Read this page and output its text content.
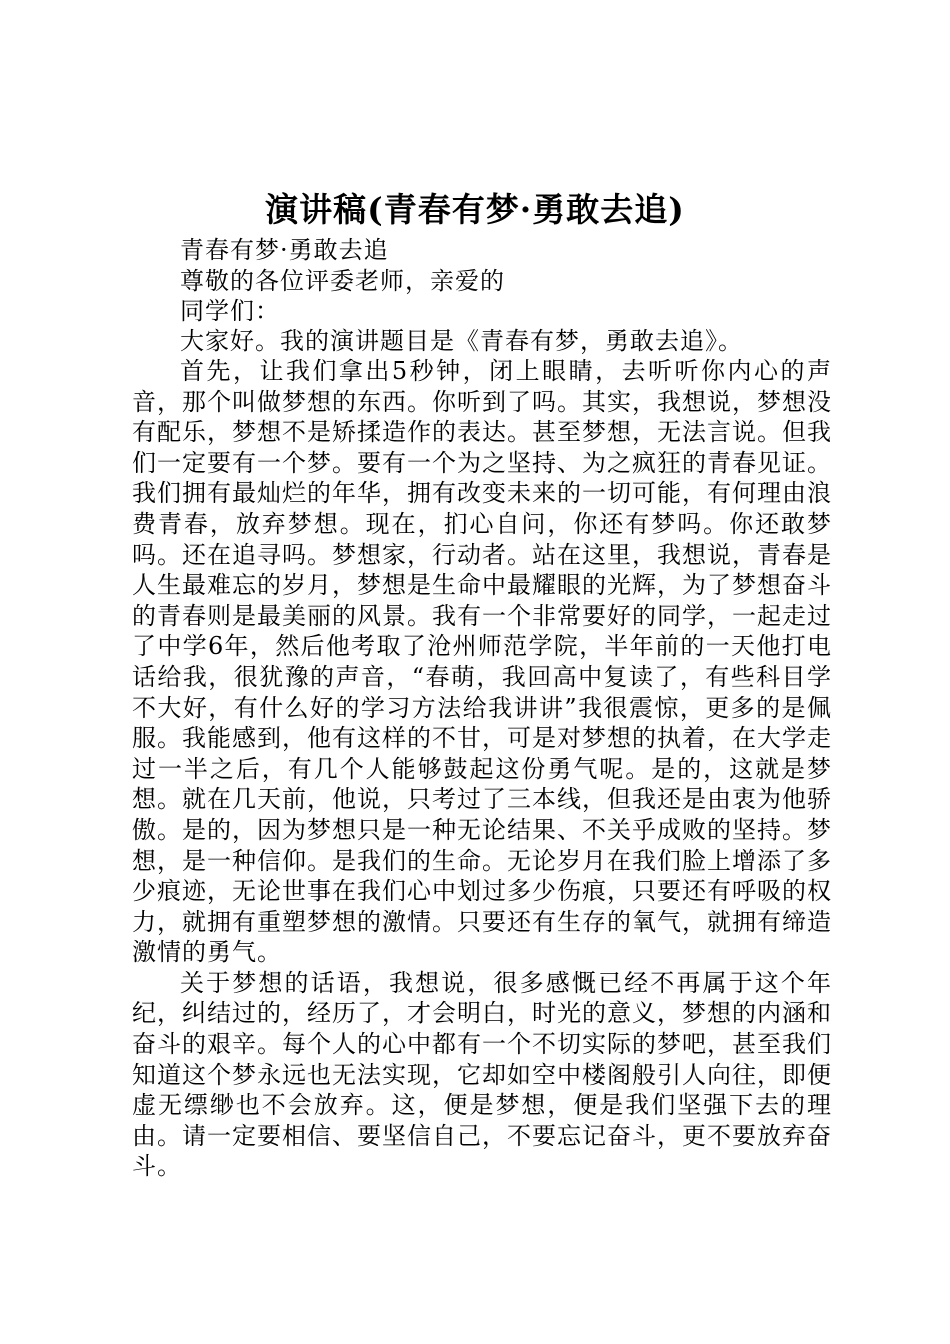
演讲稿(青春有梦·勇敢去追)

青春有梦·勇敢去追

尊敬的各位评委老师，亲爱的

同学们：

大家好。我的演讲题目是《青春有梦，勇敢去追》。

首先，让我们拿出5秒钟，闭上眼睛，去听听你内心的声音，那个叫做梦想的东西。你听到了吗。其实，我想说，梦想没有配乐，梦想不是矫揉造作的表达。甚至梦想，无法言说。但我们一定要有一个梦。要有一个为之坚持、为之疯狂的青春见证。我们拥有最灿烂的年华，拥有改变未来的一切可能，有何理由浪费青春，放弃梦想。现在，扪心自问，你还有梦吗。你还敢梦吗。还在追寻吗。梦想家，行动者。站在这里，我想说，青春是人生最难忘的岁月，梦想是生命中最耀眼的光辉，为了梦想奋斗的青春则是最美丽的风景。我有一个非常要好的同学，一起走过了中学6年，然后他考取了沧州师范学院，半年前的一天他打电话给我，很犹豫的声音，“春萌，我回高中复读了，有些科目学不大好，有什么好的学习方法给我讲讲”我很震惊，更多的是佩服。我能感到，他有这样的不甘，可是对梦想的执着，在大学走过一半之后，有几个人能够鼓起这份勇气呢。是的，这就是梦想。就在几天前，他说，只考过了三本线，但我还是由衷为他骄傲。是的，因为梦想只是一种无论结果、不关乎成败的坚持。梦想，是一种信仰。是我们的生命。无论岁月在我们脸上增添了多少痕迹，无论世事在我们心中划过多少伤痕，只要还有呼吸的权力，就拥有重塑梦想的激情。只要还有生存的氧气，就拥有缔造激情的勇气。

关于梦想的话语，我想说，很多感慨已经不再属于这个年纪，纠结过的，经历了，才会明白，时光的意义，梦想的内涵和奋斗的艰辛。每个人的心中都有一个不切实际的梦吧，甚至我们知道这个梦永远也无法实现，它却如空中楼阁般引人向往，即便虚无缥缈也不会放弃。这，便是梦想，便是我们坚强下去的理由。请一定要相信、要坚信自己，不要忘记奋斗，更不要放弃奋斗。
